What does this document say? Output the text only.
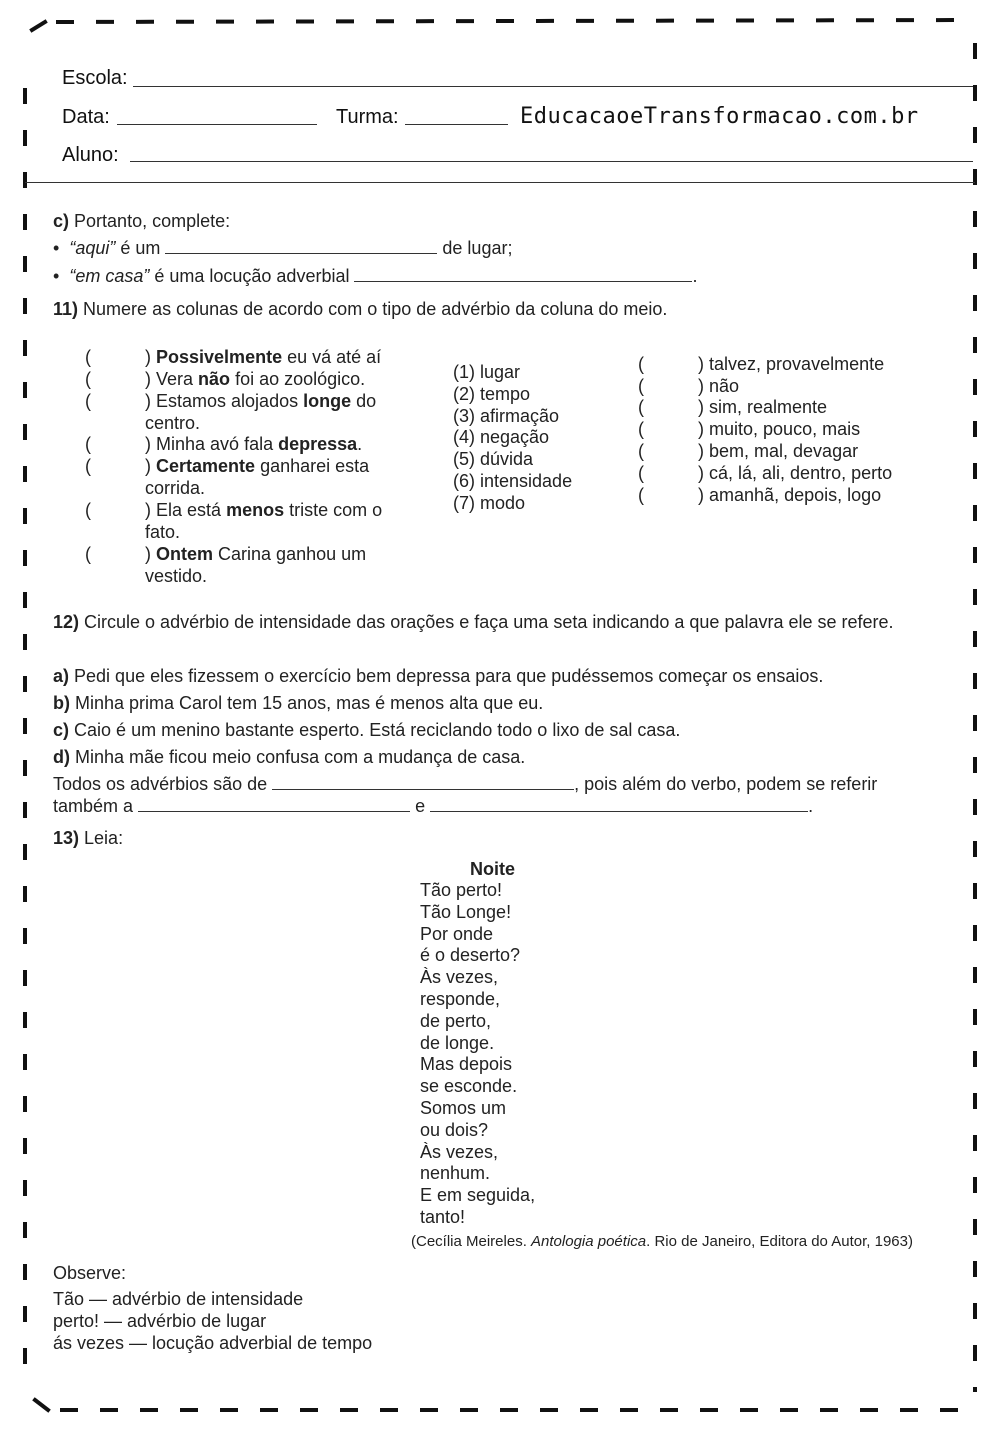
Escola:
Data:	Turma:	EducacaoeTransformacao.com.br
Aluno:
c) Portanto, complete:
• “aqui” é um	de lugar;
• “em casa” é uma locução adverbial	.
11) Numere as colunas de acordo com o tipo de advérbio da coluna do meio.
(	) Possivelmente eu vá até aí
(	) Vera não foi ao zoológico.
(	) Estamos alojados longe do
centro.
(	) Minha avó fala depressa.
(	) Certamente ganharei esta
corrida.
(	) Ela está menos triste com o
fato.
(	) Ontem Carina ganhou um
vestido.
(1) lugar
(2) tempo
(3) afirmação
(4) negação
(5) dúvida
(6) intensidade
(7) modo
(	) talvez, provavelmente
(	) não
(	) sim, realmente
(	) muito, pouco, mais
(	) bem, mal, devagar
(	) cá, lá, ali, dentro, perto
(	) amanhã, depois, logo
12) Circule o advérbio de intensidade das orações e faça uma seta indicando a que palavra ele se refere.
a) Pedi que eles fizessem o exercício bem depressa para que pudéssemos começar os ensaios.
b) Minha prima Carol tem 15 anos, mas é menos alta que eu.
c) Caio é um menino bastante esperto. Está reciclando todo o lixo de sal casa.
d) Minha mãe ficou meio confusa com a mudança de casa.
Todos os advérbios são de	, pois além do verbo, podem se referir
também a	e	.
13) Leia:
Noite
Tão perto!
Tão Longe!
Por onde
é o deserto?
Às vezes,
responde,
de perto,
de longe.
Mas depois
se esconde.
Somos um
ou dois?
Às vezes,
nenhum.
E em seguida,
tanto!
(Cecília Meireles. Antologia poética. Rio de Janeiro, Editora do Autor, 1963)
Observe:
Tão — advérbio de intensidade
perto! — advérbio de lugar
ás vezes — locução adverbial de tempo
